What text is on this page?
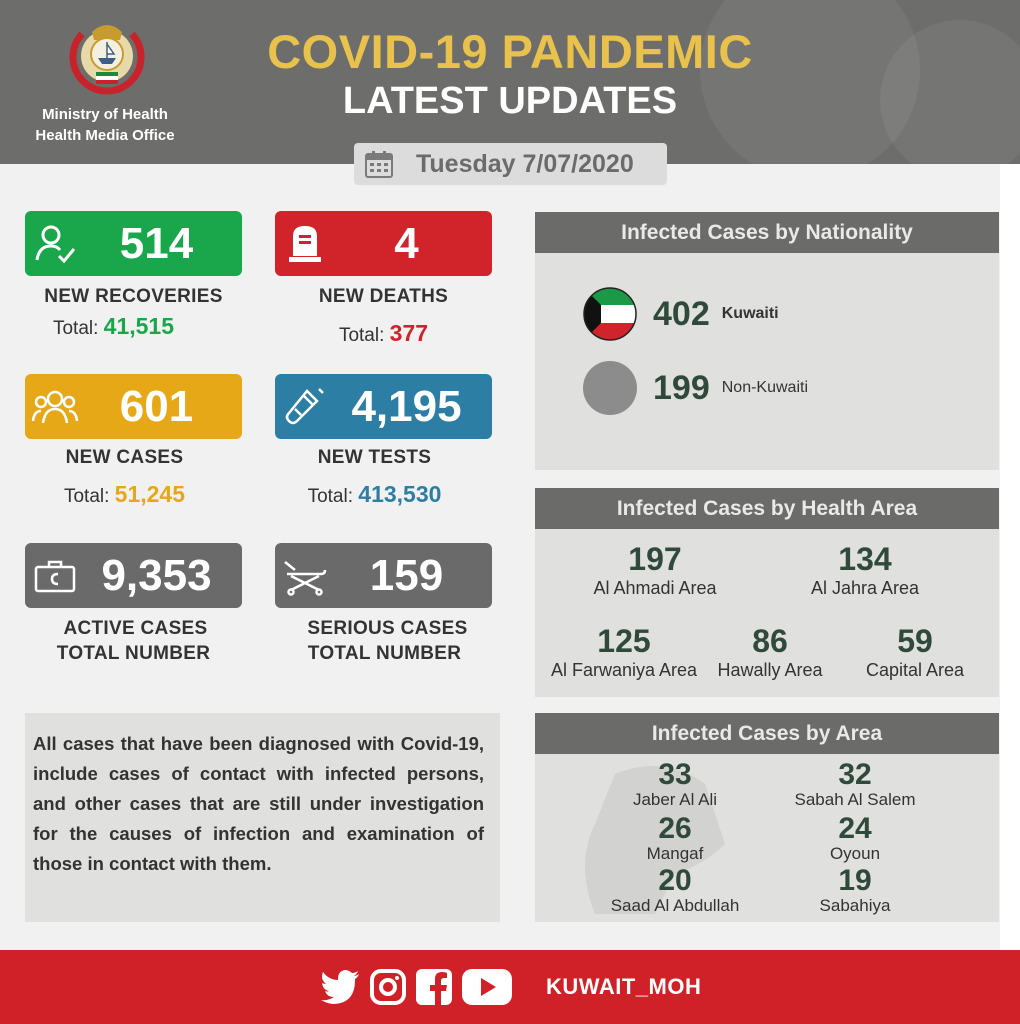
Ministry of Health
Health Media Office
COVID-19 PANDEMIC
LATEST UPDATES
Tuesday 7/07/2020
514
NEW RECOVERIES
Total: 41,515
4
NEW DEATHS
Total: 377
601
NEW CASES
Total: 51,245
4,195
NEW TESTS
Total: 413,530
9,353
ACTIVE CASES
TOTAL NUMBER
159
SERIOUS CASES
TOTAL NUMBER

All cases that have been diagnosed with Covid-19, include cases of contact with infected persons, and other cases that are still under investigation for the causes of infection and examination of those in contact with them.

Infected Cases by Nationality
402 Kuwaiti
199 Non-Kuwaiti
Infected Cases by Health Area
197
Al Ahmadi Area
134
Al Jahra Area
125
Al Farwaniya Area
86
Hawally Area
59
Capital Area
Infected Cases by Area
33
Jaber Al Ali
32
Sabah Al Salem
26
Mangaf
24
Oyoun
20
Saad Al Abdullah
19
Sabahiya
KUWAIT_MOH
